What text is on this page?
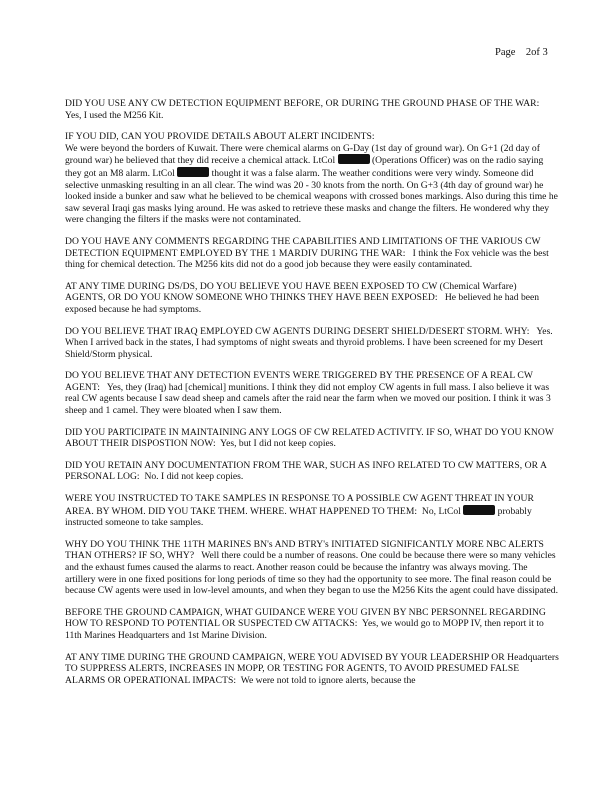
Page 2of 3

DID YOU USE ANY CW DETECTION EQUIPMENT BEFORE, OR DURING THE GROUND PHASE OF THE WAR:   Yes, I used the M256 Kit.

IF YOU DID, CAN YOU PROVIDE DETAILS ABOUT ALERT INCIDENTS:
We were beyond the borders of Kuwait. There were chemical alarms on G-Day (1st day of ground war). On G+1 (2d day of ground war) he believed that they did receive a chemical attack. LtCol	(Operations Officer) was on the radio saying they got an M8 alarm. LtCol	thought it was a false alarm. The weather conditions were very windy. Someone did selective unmasking resulting in an all clear. The wind was 20 - 30 knots from the north. On G+3 (4th day of ground war) he looked inside a bunker and saw what he believed to be chemical weapons with crossed bones markings. Also during this time he saw several Iraqi gas masks lying around. He was asked to retrieve these masks and change the filters. He wondered why they were changing the filters if the masks were not contaminated.

DO YOU HAVE ANY COMMENTS REGARDING THE CAPABILITIES AND LIMITATIONS OF THE VARIOUS CW DETECTION EQUIPMENT EMPLOYED BY THE 1 MARDIV DURING THE WAR: I think the Fox vehicle was the best thing for chemical detection. The M256 kits did not do a good job because they were easily contaminated.

AT ANY TIME DURING DS/DS, DO YOU BELIEVE YOU HAVE BEEN EXPOSED TO CW (Chemical Warfare) AGENTS, OR DO YOU KNOW SOMEONE WHO THINKS THEY HAVE BEEN EXPOSED: He believed he had been exposed because he had symptoms.

DO YOU BELIEVE THAT IRAQ EMPLOYED CW AGENTS DURING DESERT SHIELD/DESERT STORM. WHY: Yes. When I arrived back in the states, I had symptoms of night sweats and thyroid problems. I have been screened for my Desert Shield/Storm physical.

DO YOU BELIEVE THAT ANY DETECTION EVENTS WERE TRIGGERED BY THE PRESENCE OF A REAL CW AGENT: Yes, they (Iraq) had [chemical] munitions. I think they did not employ CW agents in full mass. I also believe it was real CW agents because I saw dead sheep and camels after the raid near the farm when we moved our position. I think it was 3 sheep and 1 camel. They were bloated when I saw them.

DID YOU PARTICIPATE IN MAINTAINING ANY LOGS OF CW RELATED ACTIVITY. IF SO, WHAT DO YOU KNOW ABOUT THEIR DISPOSTION NOW: Yes, but I did not keep copies.

DID YOU RETAIN ANY DOCUMENTATION FROM THE WAR, SUCH AS INFO RELATED TO CW MATTERS, OR A PERSONAL LOG: No. I did not keep copies.

WERE YOU INSTRUCTED TO TAKE SAMPLES IN RESPONSE TO A POSSIBLE CW AGENT THREAT IN YOUR AREA. BY WHOM. DID YOU TAKE THEM. WHERE. WHAT HAPPENED TO THEM: No, LtCol	probably instructed someone to take samples.

WHY DO YOU THINK THE 11TH MARINES BN's AND BTRY's INITIATED SIGNIFICANTLY MORE NBC ALERTS THAN OTHERS? IF SO, WHY? Well there could be a number of reasons. One could be because there were so many vehicles and the exhaust fumes caused the alarms to react. Another reason could be because the infantry was always moving. The artillery were in one fixed positions for long periods of time so they had the opportunity to see more. The final reason could be because CW agents were used in low-level amounts, and when they began to use the M256 Kits the agent could have dissipated.

BEFORE THE GROUND CAMPAIGN, WHAT GUIDANCE WERE YOU GIVEN BY NBC PERSONNEL REGARDING HOW TO RESPOND TO POTENTIAL OR SUSPECTED CW ATTACKS: Yes, we would go to MOPP IV, then report it to 11th Marines Headquarters and 1st Marine Division.

AT ANY TIME DURING THE GROUND CAMPAIGN, WERE YOU ADVISED BY YOUR LEADERSHIP OR Headquarters TO SUPPRESS ALERTS, INCREASES IN MOPP, OR TESTING FOR AGENTS, TO AVOID PRESUMED FALSE ALARMS OR OPERATIONAL IMPACTS: We were not told to ignore alerts, because the
